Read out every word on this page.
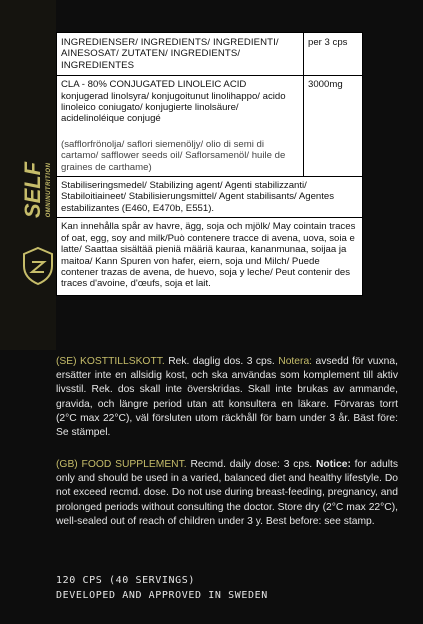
SELF OMNINUTRITION
INGREDIENSER/ INGREDIENTS/ INGREDIENTI/ AINESOSAT/ ZUTATEN/ INGREDIENTS/ INGREDIENTES
per 3 cps
CLA - 80% CONJUGATED LINOLEIC ACID
konjugerad linolsyra/ konjugoitunut linolihappo/ acido linoleico coniugato/ konjugierte linolsäure/ acidelinoléique conjugé
(safflorfrönolja/ saflori siemenöljy/ olio di semi di cartamo/ safflower seeds oil/ Saflorsamenöl/ huile de graines de carthame)
3000mg
Stabiliseringsmedel/ Stabilizing agent/ Agenti stabilizzanti/ Stabiloitiaineet/ Stabilisierungsmittel/ Agent stabilisants/ Agentes estabilizantes (E460, E470b, E551).
Kan innehålla spår av havre, ägg, soja och mjölk/ May cointain traces of oat, egg, soy and milk/Può contenere tracce di avena, uova, soia e latte/ Saattaa sisältää pieniä määriä kauraa, kananmunaa, soijaa ja maitoa/ Kann Spuren von hafer, eiern, soja und Milch/ Puede contener trazas de avena, de huevo, soja y leche/ Peut contenir des traces d'avoine, d'œufs, soja et lait.
(SE) KOSTTILLSKOTT. Rek. daglig dos. 3 cps. Notera: avsedd för vuxna, ersätter inte en allsidig kost, och ska användas som komplement till aktiv livsstil. Rek. dos skall inte överskridas. Skall inte brukas av ammande, gravida, och längre period utan att konsultera en läkare. Förvaras torrt (2°C max 22°C), väl försluten utom räckhåll för barn under 3 år. Bäst före: Se stämpel.
(GB) FOOD SUPPLEMENT. Recmd. daily dose: 3 cps. Notice: for adults only and should be used in a varied, balanced diet and healthy lifestyle. Do not exceed recmd. dose. Do not use during breast-feeding, pregnancy, and prolonged periods without consulting the doctor. Store dry (2°C max 22°C), well-sealed out of reach of children under 3 y. Best before: see stamp.
120 CPS (40 SERVINGS)
DEVELOPED AND APPROVED IN SWEDEN
